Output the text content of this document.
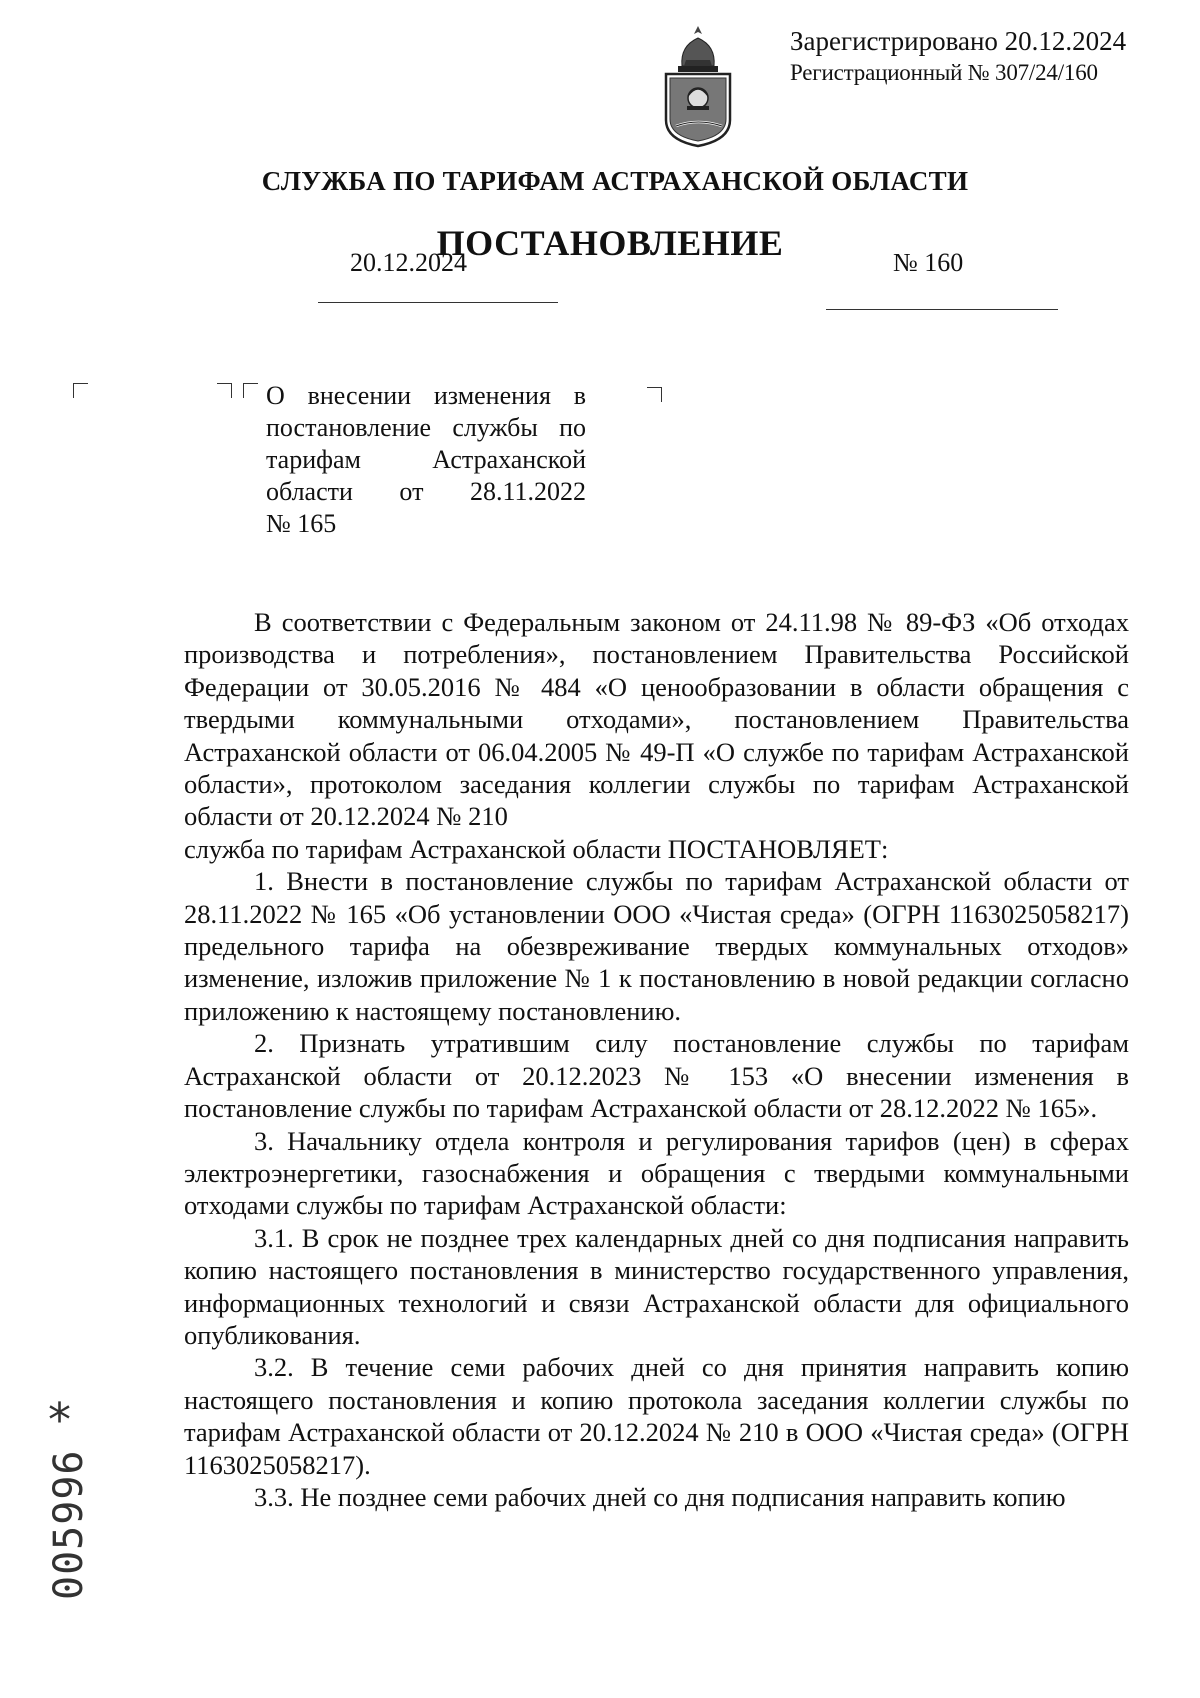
Зарегистрировано 20.12.2024
Регистрационный № 307/24/160
СЛУЖБА ПО ТАРИФАМ АСТРАХАНСКОЙ ОБЛАСТИ
ПОСТАНОВЛЕНИЕ
20.12.2024	№ 160

О внесении изменения в

постановление службы по

тарифам Астраханской

области от 28.11.2022

№ 165

В соответствии с Федеральным законом от 24.11.98 № 89-ФЗ «Об отходах производства и потребления», постановлением Правительства Российской Федерации от 30.05.2016 № 484 «О ценообразовании в области обращения с твердыми коммунальными отходами», постановлением Правительства Астраханской области от 06.04.2005 № 49-П «О службе по тарифам Астраханской области», протоколом заседания коллегии службы по тарифам Астраханской области от 20.12.2024 № 210

служба по тарифам Астраханской области ПОСТАНОВЛЯЕТ:

1. Внести в постановление службы по тарифам Астраханской области от 28.11.2022 № 165 «Об установлении ООО «Чистая среда» (ОГРН 1163025058217) предельного тарифа на обезвреживание твердых коммунальных отходов» изменение, изложив приложение № 1 к постановлению в новой редакции согласно приложению к настоящему постановлению.

2. Признать утратившим силу постановление службы по тарифам Астраханской области от 20.12.2023 № 153 «О внесении изменения в постановление службы по тарифам Астраханской области от 28.12.2022 № 165».

3. Начальнику отдела контроля и регулирования тарифов (цен) в сферах электроэнергетики, газоснабжения и обращения с твердыми коммунальными отходами службы по тарифам Астраханской области:

3.1. В срок не позднее трех календарных дней со дня подписания направить копию настоящего постановления в министерство государственного управления, информационных технологий и связи Астраханской области для официального опубликования.

3.2. В течение семи рабочих дней со дня принятия направить копию настоящего постановления и копию протокола заседания коллегии службы по тарифам Астраханской области от 20.12.2024 № 210 в ООО «Чистая среда» (ОГРН 1163025058217).

3.3. Не позднее семи рабочих дней со дня подписания направить копию

*
005996
